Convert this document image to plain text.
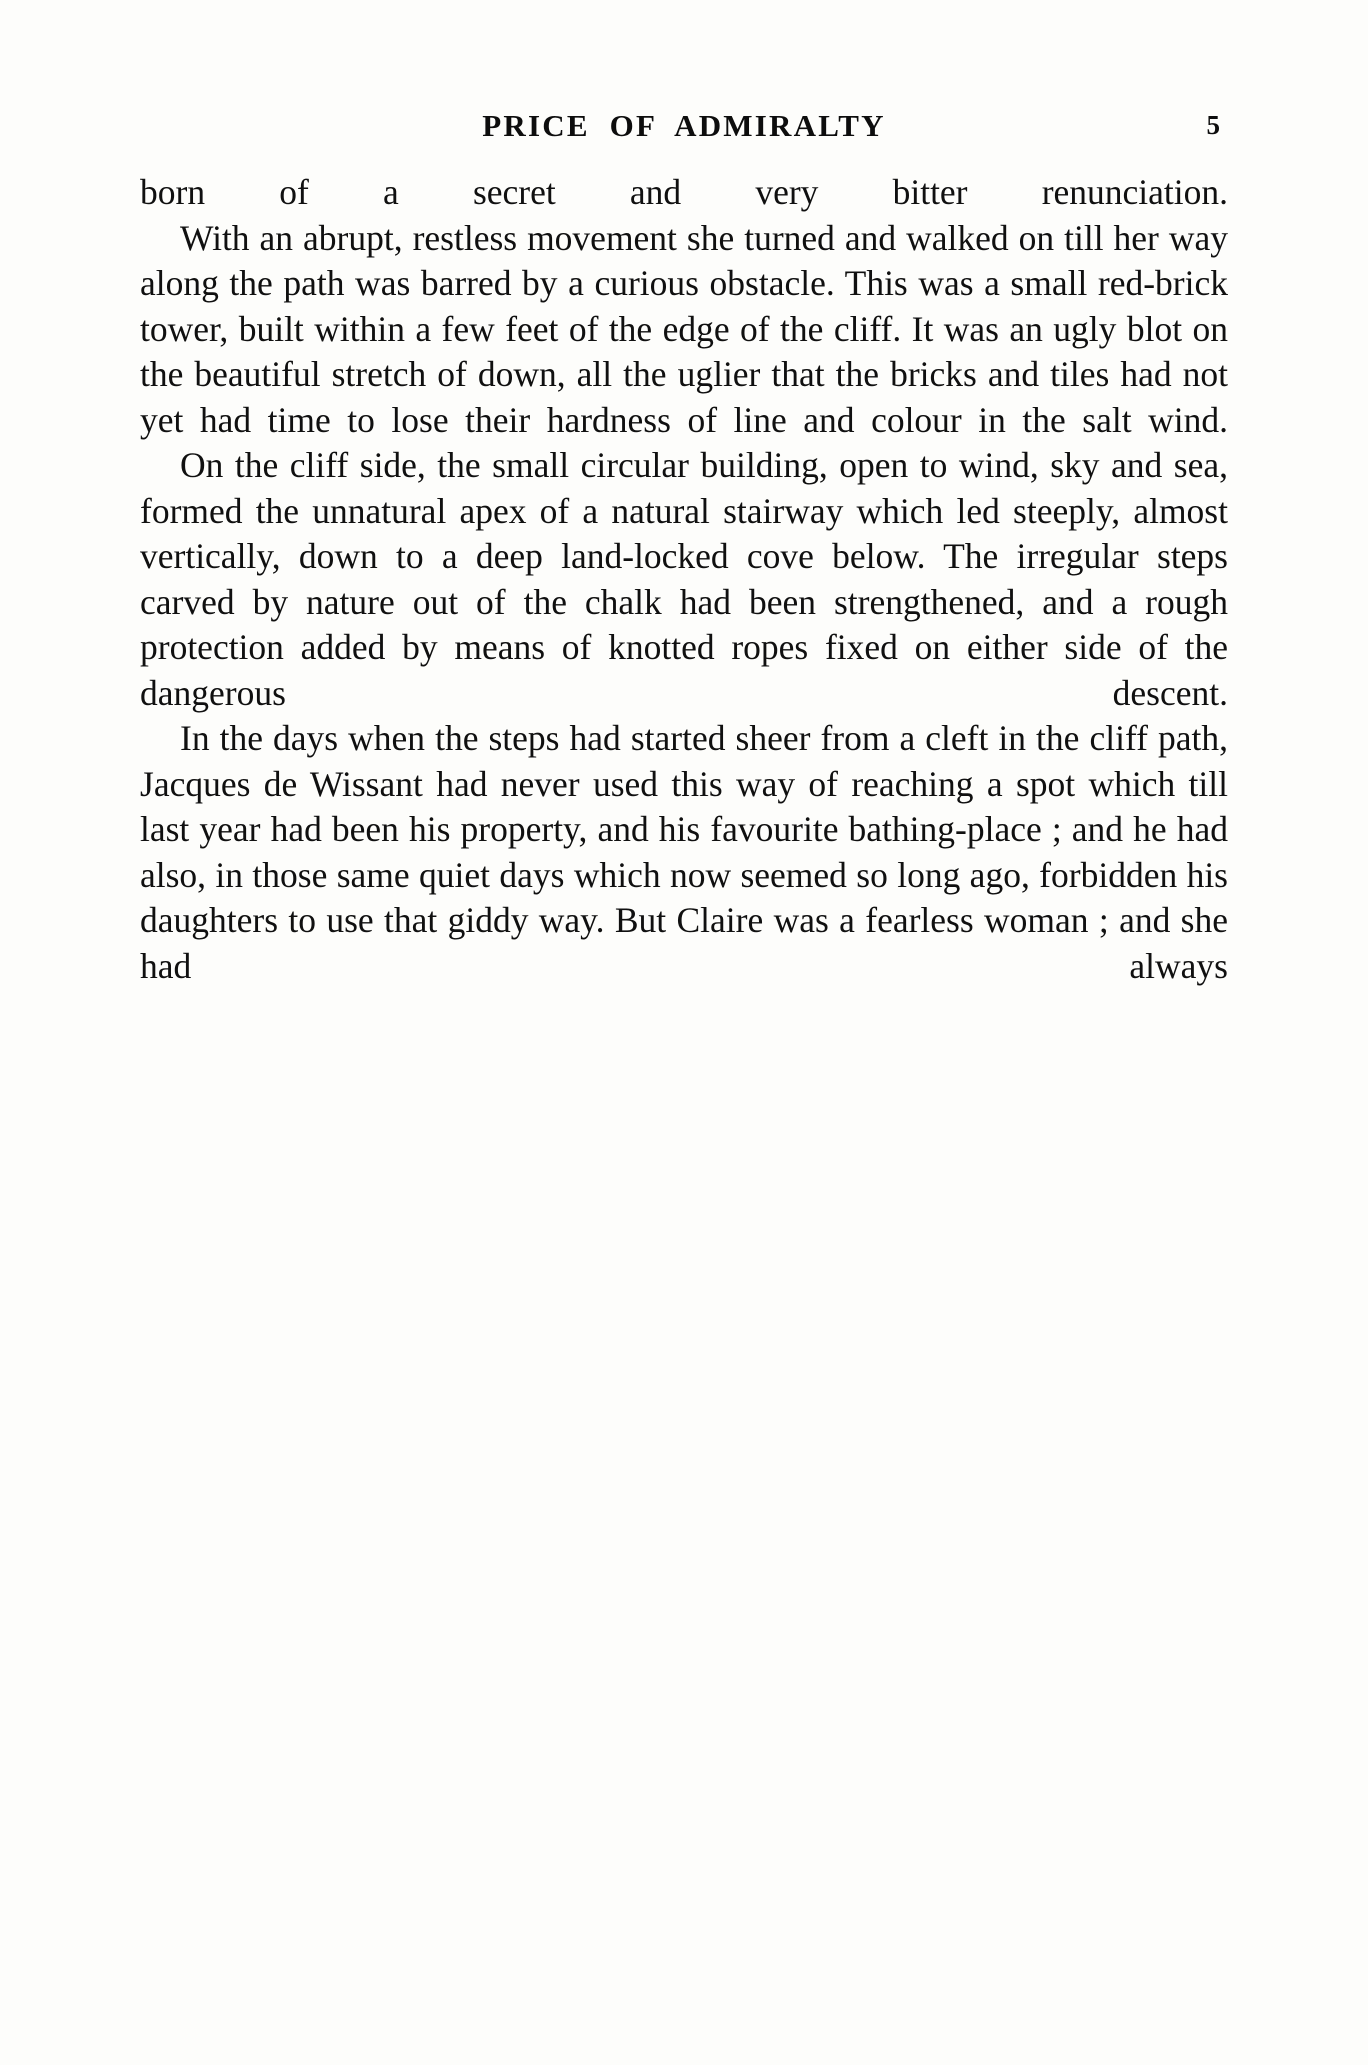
PRICE  OF  ADMIRALTY	5

born of a secret and very bitter renunciation.

With an abrupt, restless movement she turned and walked on till her way along the path was barred by a curious obstacle. This was a small red-brick tower, built within a few feet of the edge of the cliff. It was an ugly blot on the beautiful stretch of down, all the uglier that the bricks and tiles had not yet had time to lose their hardness of line and colour in the salt wind.

On the cliff side, the small circular building, open to wind, sky and sea, formed the unnatural apex of a natural stairway which led steeply, almost vertically, down to a deep land-locked cove below. The irregular steps carved by nature out of the chalk had been strengthened, and a rough protection added by means of knotted ropes fixed on either side of the dangerous descent.

In the days when the steps had started sheer from a cleft in the cliff path, Jacques de Wissant had never used this way of reaching a spot which till last year had been his property, and his favourite bathing-place ; and he had also, in those same quiet days which now seemed so long ago, forbidden his daughters to use that giddy way. But Claire was a fearless woman ; and she had always
